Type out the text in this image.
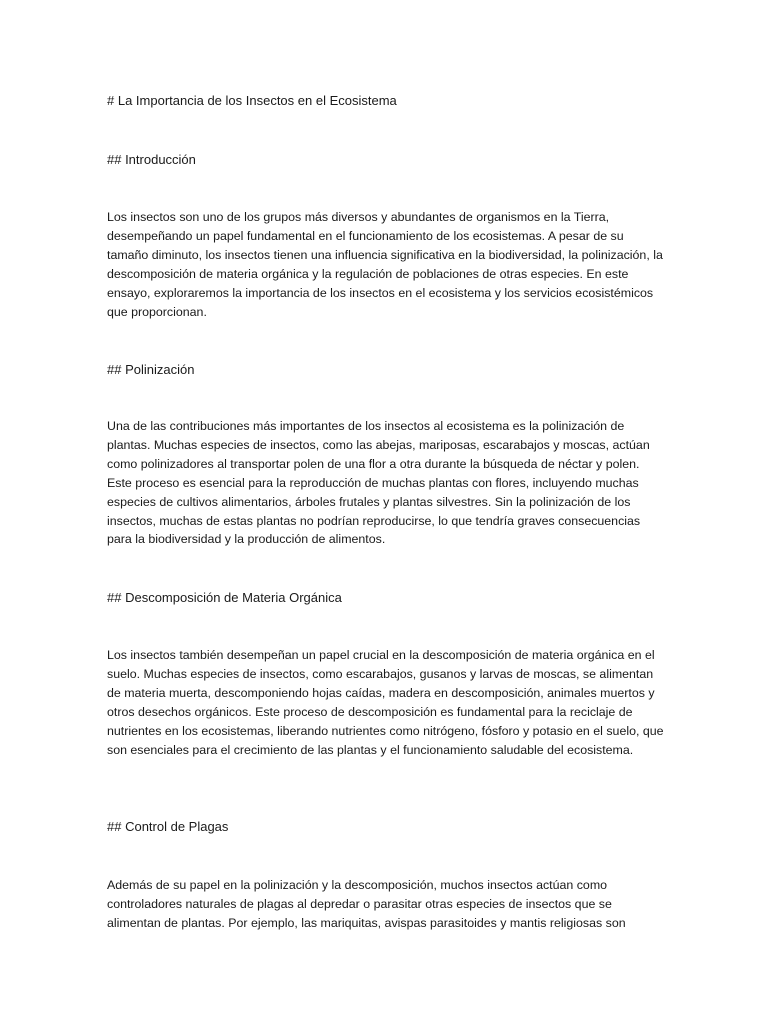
# La Importancia de los Insectos en el Ecosistema
## Introducción
Los insectos son uno de los grupos más diversos y abundantes de organismos en la Tierra, desempeñando un papel fundamental en el funcionamiento de los ecosistemas. A pesar de su tamaño diminuto, los insectos tienen una influencia significativa en la biodiversidad, la polinización, la descomposición de materia orgánica y la regulación de poblaciones de otras especies. En este ensayo, exploraremos la importancia de los insectos en el ecosistema y los servicios ecosistémicos que proporcionan.
## Polinización
Una de las contribuciones más importantes de los insectos al ecosistema es la polinización de plantas. Muchas especies de insectos, como las abejas, mariposas, escarabajos y moscas, actúan como polinizadores al transportar polen de una flor a otra durante la búsqueda de néctar y polen. Este proceso es esencial para la reproducción de muchas plantas con flores, incluyendo muchas especies de cultivos alimentarios, árboles frutales y plantas silvestres. Sin la polinización de los insectos, muchas de estas plantas no podrían reproducirse, lo que tendría graves consecuencias para la biodiversidad y la producción de alimentos.
## Descomposición de Materia Orgánica
Los insectos también desempeñan un papel crucial en la descomposición de materia orgánica en el suelo. Muchas especies de insectos, como escarabajos, gusanos y larvas de moscas, se alimentan de materia muerta, descomponiendo hojas caídas, madera en descomposición, animales muertos y otros desechos orgánicos. Este proceso de descomposición es fundamental para la reciclaje de nutrientes en los ecosistemas, liberando nutrientes como nitrógeno, fósforo y potasio en el suelo, que son esenciales para el crecimiento de las plantas y el funcionamiento saludable del ecosistema.
## Control de Plagas
Además de su papel en la polinización y la descomposición, muchos insectos actúan como controladores naturales de plagas al depredar o parasitar otras especies de insectos que se alimentan de plantas. Por ejemplo, las mariquitas, avispas parasitoides y mantis religiosas son
